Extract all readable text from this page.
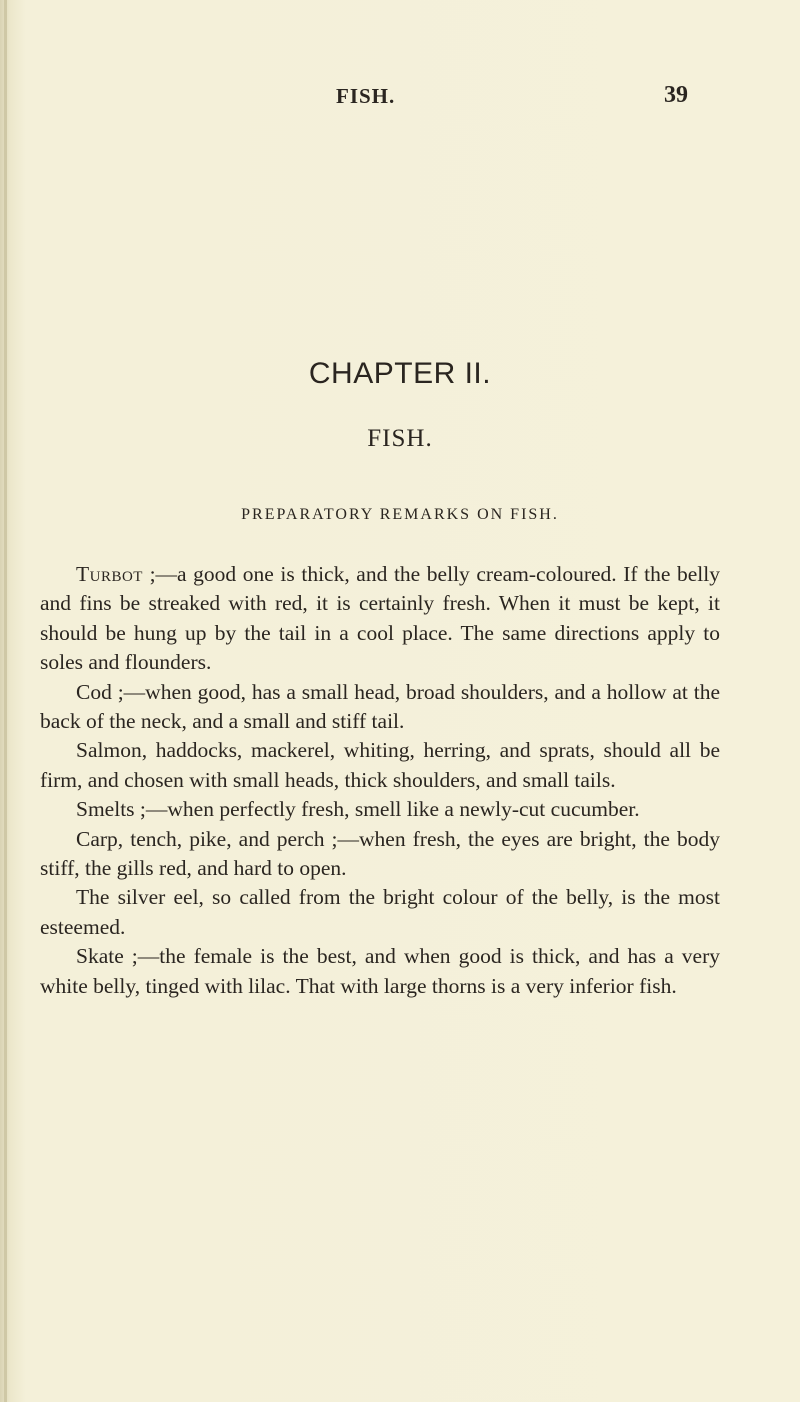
FISH.	39
CHAPTER II.
FISH.
PREPARATORY REMARKS ON FISH.

Turbot ;—a good one is thick, and the belly cream-coloured. If the belly and fins be streaked with red, it is certainly fresh. When it must be kept, it should be hung up by the tail in a cool place. The same directions apply to soles and flounders.

Cod ;—when good, has a small head, broad shoulders, and a hollow at the back of the neck, and a small and stiff tail.

Salmon, haddocks, mackerel, whiting, herring, and sprats, should all be firm, and chosen with small heads, thick shoulders, and small tails.

Smelts ;—when perfectly fresh, smell like a newly-cut cucumber.

Carp, tench, pike, and perch ;—when fresh, the eyes are bright, the body stiff, the gills red, and hard to open.

The silver eel, so called from the bright colour of the belly, is the most esteemed.

Skate ;—the female is the best, and when good is thick, and has a very white belly, tinged with lilac. That with large thorns is a very inferior fish.
